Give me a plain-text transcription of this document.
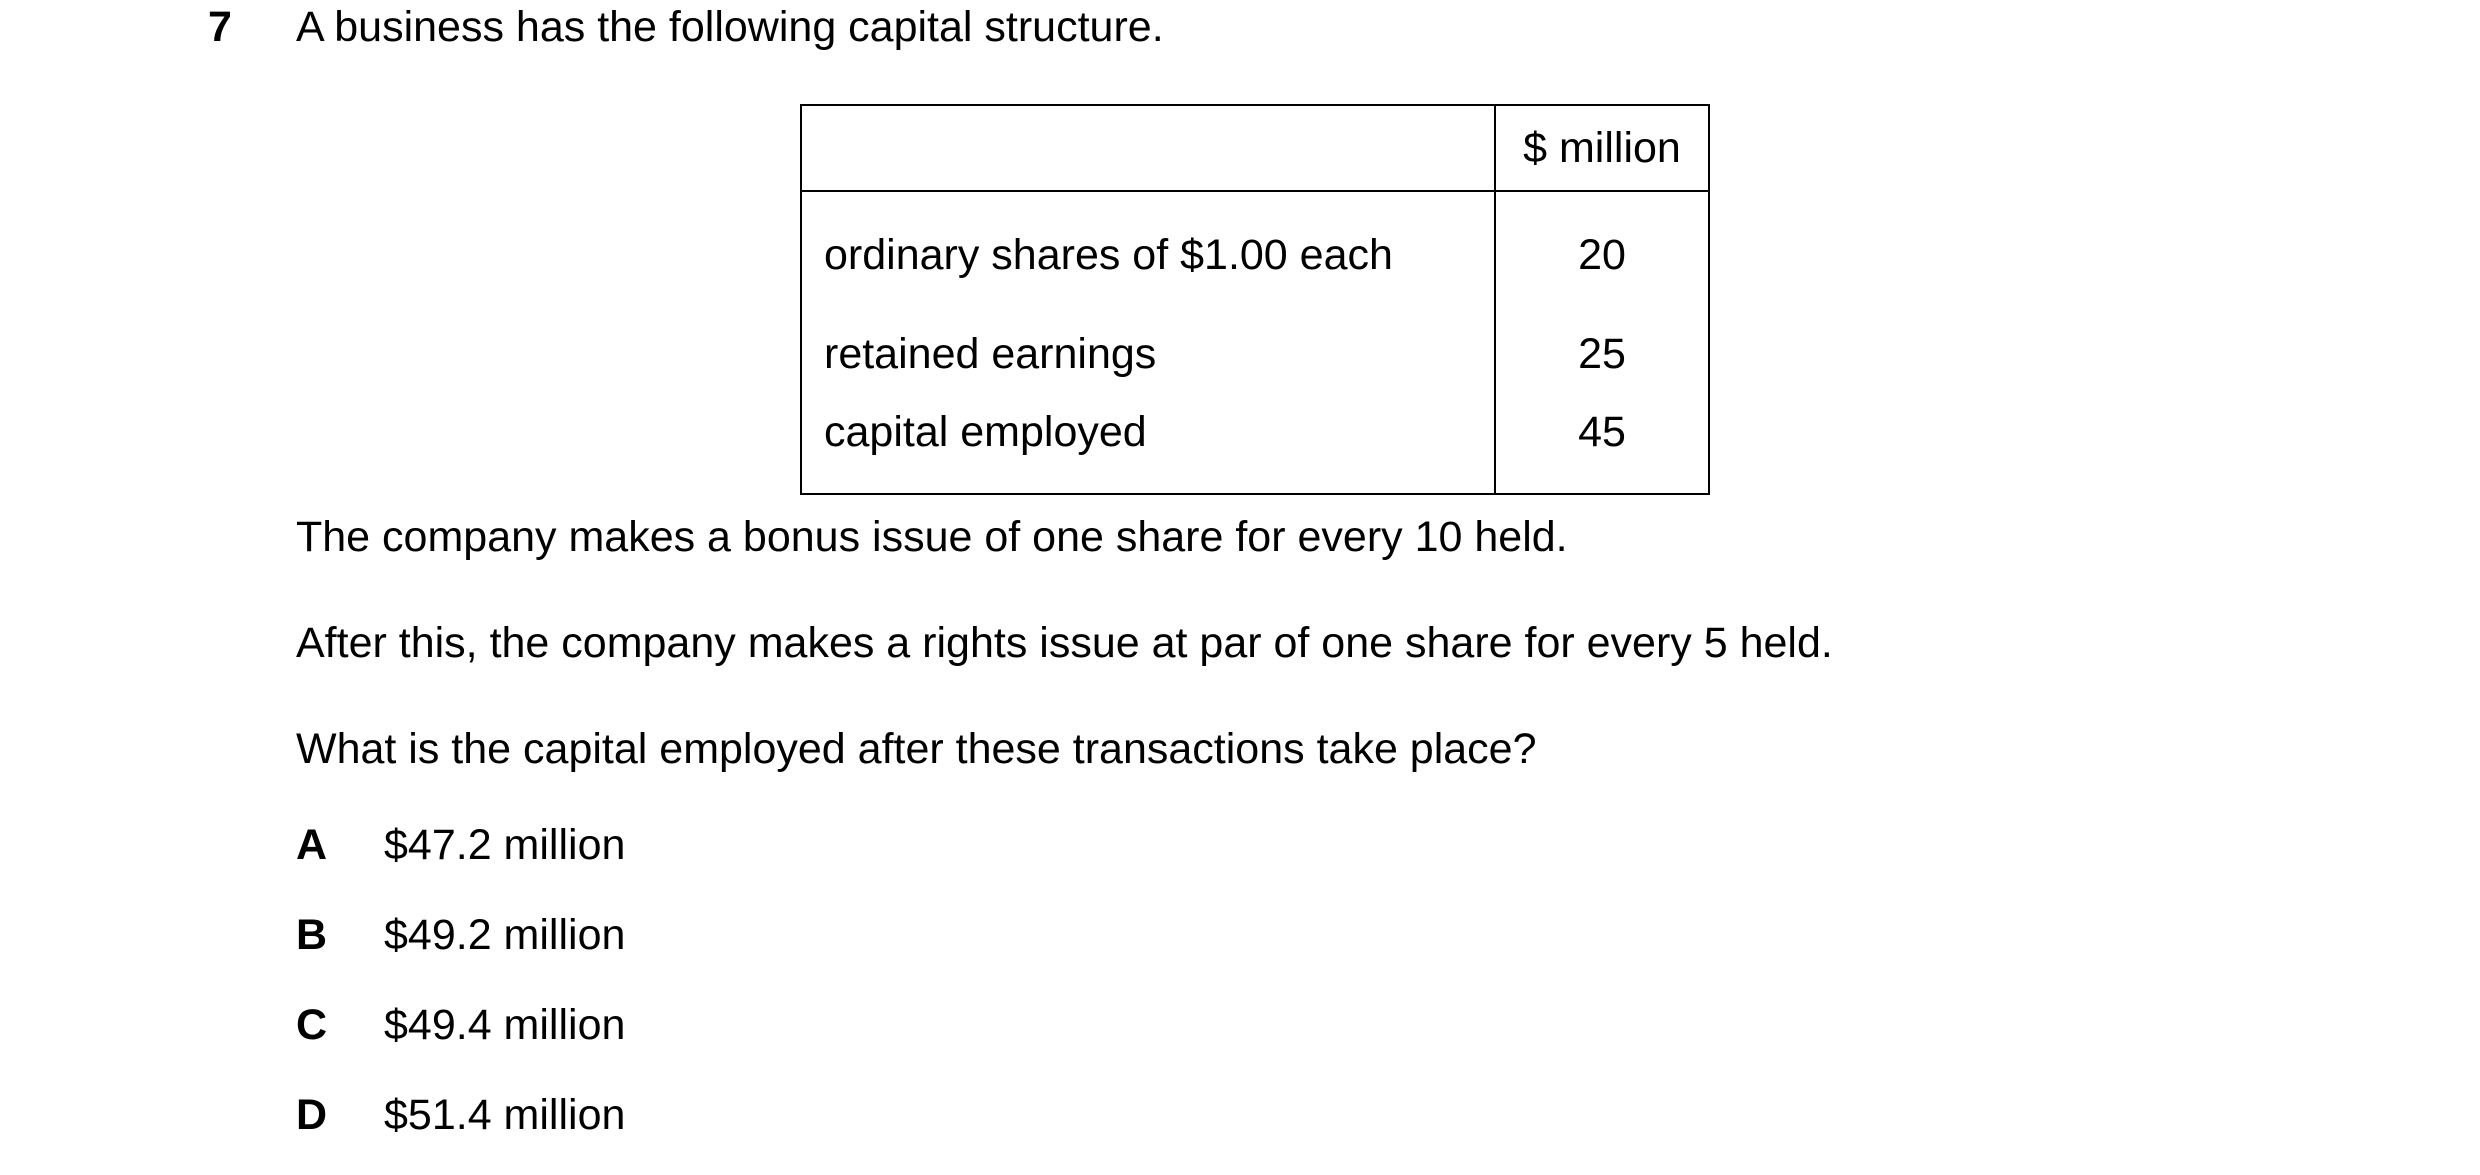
7 A business has the following capital structure.
	$ million
ordinary shares of $1.00 each	20
retained earnings	25
capital employed	45
The company makes a bonus issue of one share for every 10 held.
After this, the company makes a rights issue at par of one share for every 5 held.
What is the capital employed after these transactions take place?
A $47.2 million
B $49.2 million
C $49.4 million
D $51.4 million
